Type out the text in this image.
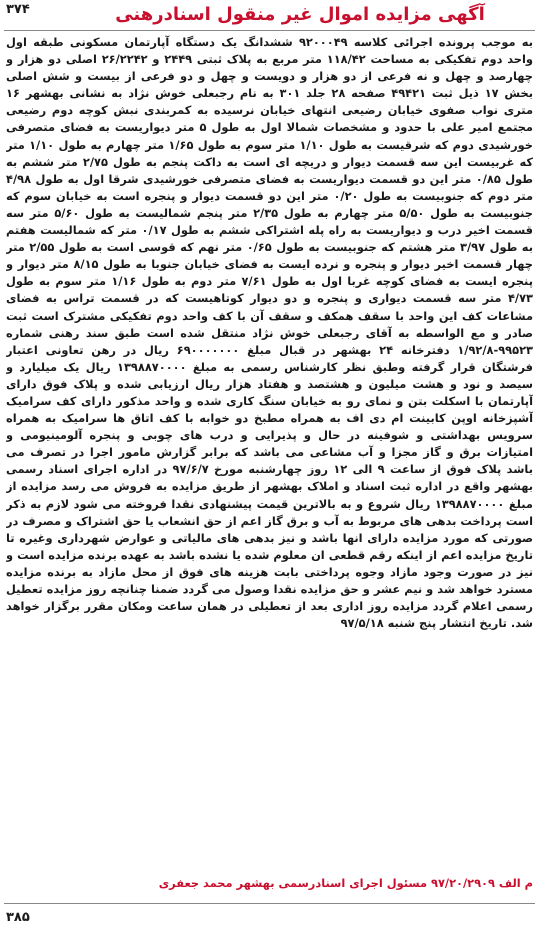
۳۷۴	آگهی مزایده اموال غیر منقول اسنادرهنی

به موجب پرونده اجرائی کلاسه ۹۲۰۰۰۴۹ ششدانگ یک دستگاه آپارتمان مسکونی طبقه اول واحد دوم تفکیکی به مساحت ۱۱۸/۴۲ متر مربع به پلاک ثبتی ۲۴۴۹ و ۲۶/۲۲۴۲ اصلی دو هزار و چهارصد و چهل و نه فرعی از دو هزار و دویست و چهل و دو فرعی از بیست و شش اصلی بخش ۱۷ ذیل ثبت ۴۹۴۲۱ صفحه ۲۸ جلد ۳۰۱ به نام رجبعلی خوش نژاد به نشانی بهشهر ۱۶ متری نواب صفوی خیابان رضیعی انتهای خیابان نرسیده به کمربندی نبش کوچه دوم رضیعی مجتمع امیر علی با حدود و مشخصات شمالا اول به طول ۵ متر دیواریست به فضای متصرفی خورشیدی دوم که شرقیست به طول ۱/۱۰ متر سوم به طول ۱/۶۵ متر چهارم به طول ۱/۱۰ متر که غربیست این سه قسمت دیوار و دریچه ای است به داکت پنجم به طول ۲/۷۵ متر ششم به طول ۰/۸۵ متر این دو قسمت دیواریست به فضای متصرفی خورشیدی شرقا اول به طول ۴/۹۸ متر دوم که جنوبیست به طول ۰/۲۰ متر این دو قسمت دیوار و پنجره است به خیابان سوم که جنوبیست به طول ۵/۵۰ متر چهارم به طول ۲/۳۵ متر پنجم شمالیست به طول ۵/۶۰ متر سه قسمت اخیر درب و دیواریست به راه پله اشتراکی ششم به طول ۰/۱۷ متر که شمالیست هفتم به طول ۳/۹۷ متر هشتم که جنوبیست به طول ۰/۶۵ متر نهم که قوسی است به طول ۲/۵۵ متر چهار قسمت اخیر دیوار و پنجره و نرده ایست به فضای خیابان جنوبا به طول ۸/۱۵ متر دیوار و پنجره ایست به فضای کوچه غربا اول به طول ۷/۶۱ متر دوم به طول ۱/۱۶ متر سوم به طول ۴/۷۳ متر سه قسمت دیواری و پنجره و دو دیوار کوتاهیست که در قسمت تراس به فضای مشاعات کف این واحد با سقف همکف و سقف آن با کف واحد دوم تفکیکی مشترک است ثبت صادر و مع الواسطه به آقای رجبعلی خوش نژاد منتقل شده است طبق سند رهنی شماره ۹۹۵۲۳-۱/۹۲/۸ دفترخانه ۲۴ بهشهر در قبال مبلغ ۶۹۰۰۰۰۰۰۰ ریال در رهن تعاونی اعتبار فرشتگان قرار گرفته وطبق نظر کارشناس رسمی به مبلغ ۱۳۹۸۸۷۰۰۰۰ ریال یک میلیارد و سیصد و نود و هشت میلیون و هشتصد و هفتاد هزار ریال ارزیابی شده و پلاک فوق دارای آپارتمان با اسکلت بتن و نمای رو به خیابان سنگ کاری شده و واحد مذکور دارای کف سرامیک آشپزخانه اوپن کابینت ام دی اف به همراه مطبخ دو خوابه با کف اتاق ها سرامیک به همراه سرویس بهداشتی و شوفینه در حال و پذیرایی و درب های چوبی و پنجره آلومینیومی و امتیازات برق و گاز مجزا و آب مشاعی می باشد که برابر گزارش مامور اجرا در تصرف می باشد پلاک فوق از ساعت ۹ الی ۱۲ روز چهارشنبه مورخ ۹۷/۶/۷ در اداره اجرای اسناد رسمی بهشهر واقع در اداره ثبت اسناد و املاک بهشهر از طریق مزایده به فروش می رسد مزایده از مبلغ ۱۳۹۸۸۷۰۰۰۰ ریال شروع و به بالاترین قیمت پیشنهادی نقدا فروخته می شود لازم به ذکر است پرداخت بدهی های مربوط به آب و برق گاز اعم از حق انشعاب یا حق اشتراک و مصرف در صورتی که مورد مزایده دارای انها باشد و نیز بدهی های مالیاتی و عوارض شهرداری وغیره تا تاریخ مزایده اعم از اینکه رقم قطعی ان معلوم شده یا نشده باشد به عهده برنده مزایده است و نیز در صورت وجود مازاد وجوه پرداختی بابت هزینه های فوق از محل مازاد به برنده مزایده مسترد خواهد شد و نیم عشر و حق مزایده نقدا وصول می گردد ضمنا چنانچه روز مزایده تعطیل رسمی اعلام گردد مزایده روز اداری بعد از تعطیلی در همان ساعت ومکان مقرر برگزار خواهد شد. تاریخ انتشار پنج شنبه ۹۷/۵/۱۸

م الف ۹۷/۲۰/۲۹۰۹ مسئول اجرای اسنادرسمی بهشهر محمد جعفری
۳۸۵
